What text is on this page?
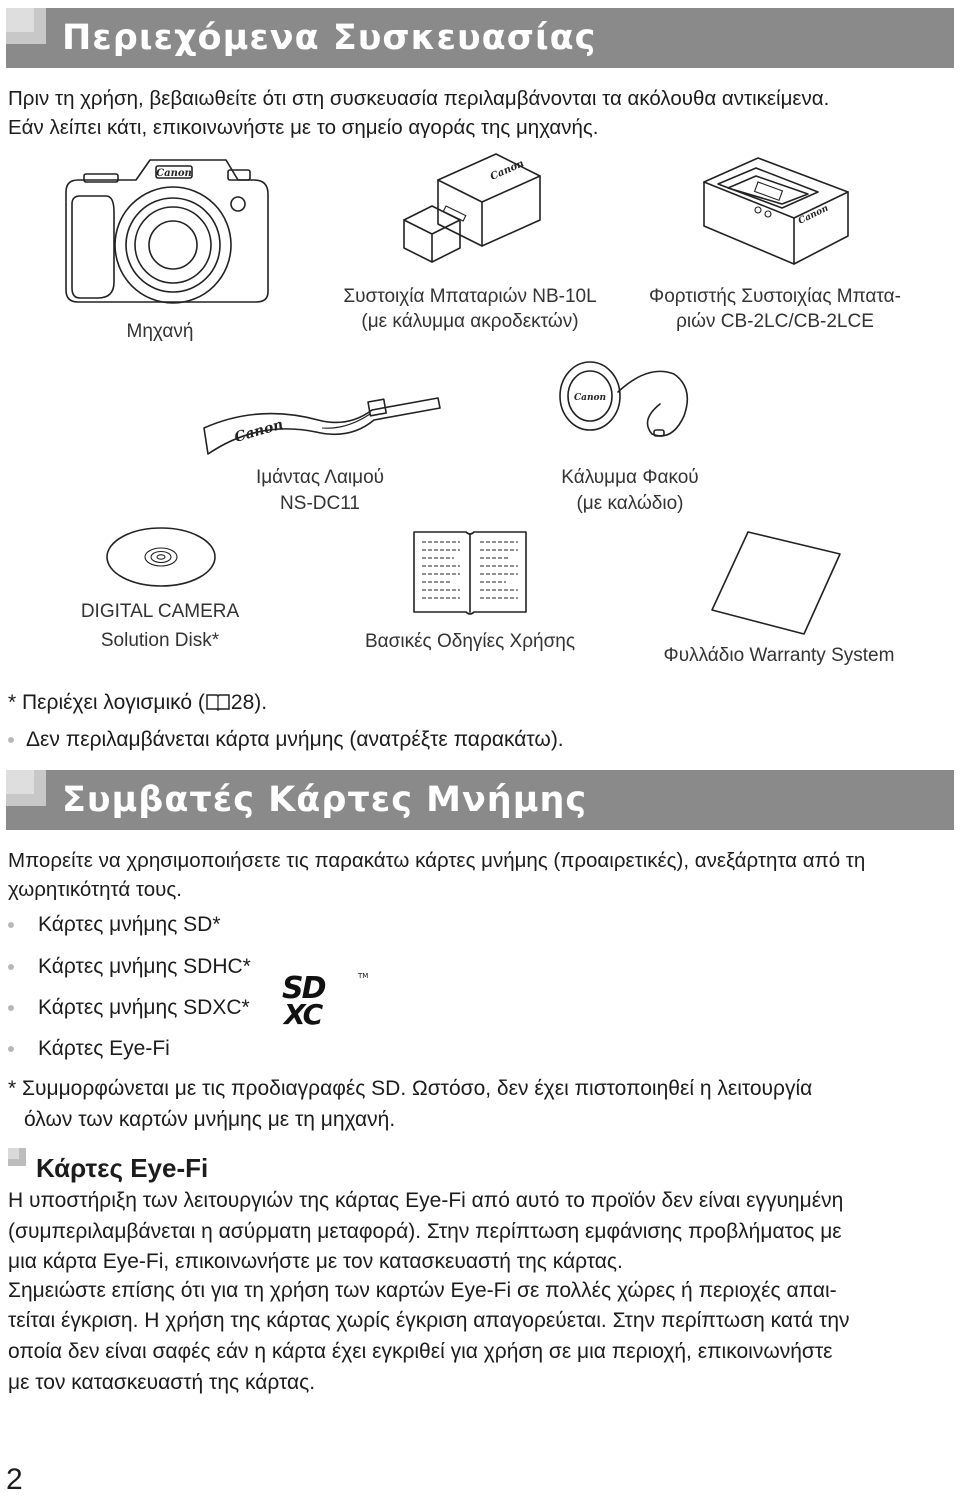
Περιεχόμενα Συσκευασίας
Πριν τη χρήση, βεβαιωθείτε ότι στη συσκευασία περιλαμβάνονται τα ακόλουθα αντικείμενα.
Εάν λείπει κάτι, επικοινωνήστε με το σημείο αγοράς της μηχανής.
Canon
Μηχανή
Canon
Συστοιχία Μπαταριών NB-10L
(με κάλυμμα ακροδεκτών)
Canon
Φορτιστής Συστοιχίας Μπατα-
ριών CB-2LC/CB-2LCE
Canon
Ιμάντας Λαιμού
NS-DC11
Canon
Κάλυμμα Φακού
(με καλώδιο)
DIGITAL CAMERA
Solution Disk*	Βασικές Οδηγίες Χρήσης
Φυλλάδιο Warranty System
* Περιέχει λογισμικό ( 28).
Δεν περιλαμβάνεται κάρτα μνήμης (ανατρέξτε παρακάτω).
Συμβατές Κάρτες Μνήμης
Μπορείτε να χρησιμοποιήσετε τις παρακάτω κάρτες μνήμης (προαιρετικές), ανεξάρτητα από τη
χωρητικότητά τους.
Κάρτες μνήμης SD*
Κάρτες μνήμης SDHC*
Κάρτες μνήμης SDXC*
Κάρτες Eye-Fi
SD
XC
TM
* Συμμορφώνεται με τις προδιαγραφές SD. Ωστόσο, δεν έχει πιστοποιηθεί η λειτουργία
όλων των καρτών μνήμης με τη μηχανή.
Κάρτες Eye-Fi
Η υποστήριξη των λειτουργιών της κάρτας Eye-Fi από αυτό το προϊόν δεν είναι εγγυημένη
(συμπεριλαμβάνεται η ασύρματη μεταφορά). Στην περίπτωση εμφάνισης προβλήματος με
μια κάρτα Eye-Fi, επικοινωνήστε με τον κατασκευαστή της κάρτας.
Σημειώστε επίσης ότι για τη χρήση των καρτών Eye-Fi σε πολλές χώρες ή περιοχές απαι-
τείται έγκριση. Η χρήση της κάρτας χωρίς έγκριση απαγορεύεται. Στην περίπτωση κατά την
οποία δεν είναι σαφές εάν η κάρτα έχει εγκριθεί για χρήση σε μια περιοχή, επικοινωνήστε
με τον κατασκευαστή της κάρτας.
2
